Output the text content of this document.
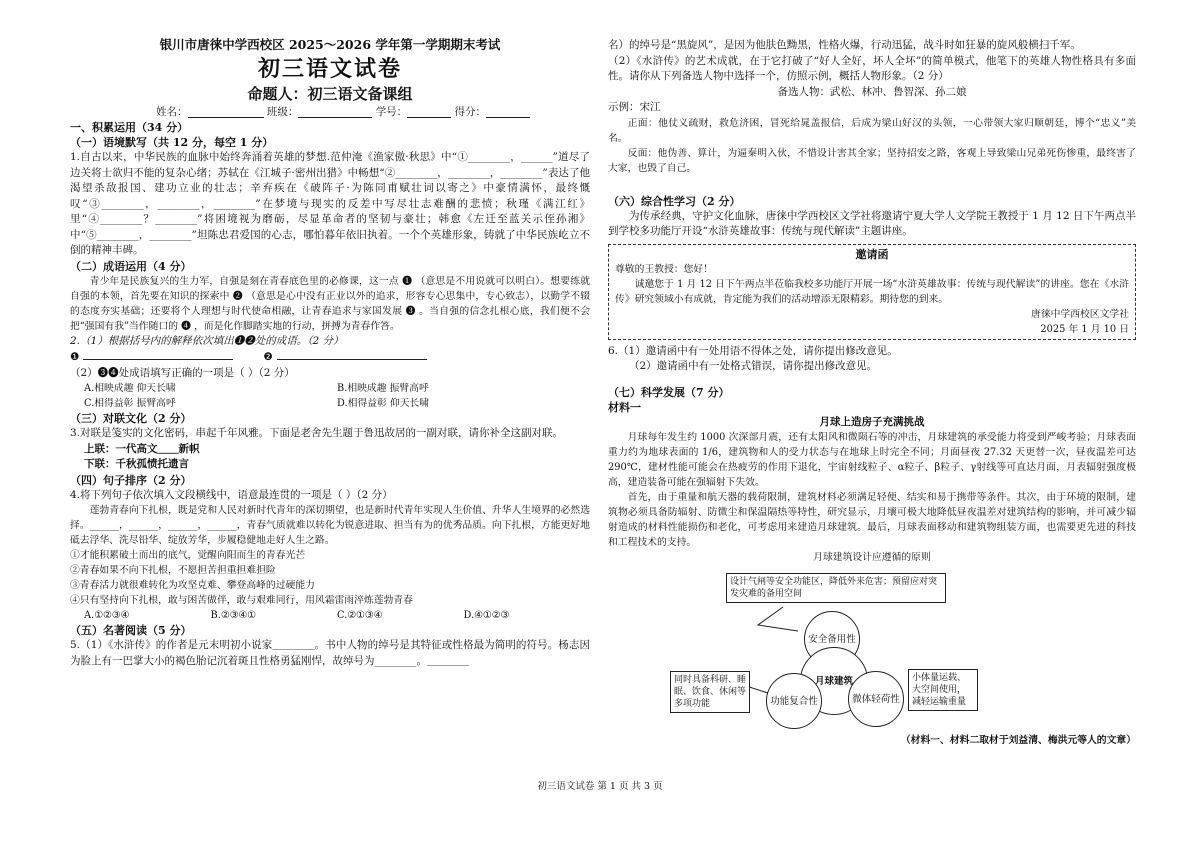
银川市唐徕中学西校区 2025～2026 学年第一学期期末考试

初三语文试卷

命题人：初三语文备课组

姓名：	班级：	学号：	得分：

一、积累运用（34 分）

（一）语境默写（共 12 分，每空 1 分）

1.自古以来，中华民族的血脉中始终奔涌着英雄的梦想.范仲淹《渔家傲·秋思》中“①________，______”道尽了边关将士欲归不能的复杂心绪；苏轼在《江城子·密州出猎》中畅想“②________，________，________”表达了他渴望杀敌报国、建功立业的壮志；辛弃疾在《破阵子·为陈同甫赋壮词以寄之》中豪情满怀，最终慨叹“③________，________，________”在梦境与现实的反差中写尽壮志难酬的悲愤；秋瑾《满江红》里“④________？________”将困境视为磨砺，尽显革命者的坚韧与豪壮；韩愈《左迁至蓝关示侄孙湘》中“⑤________，________”坦陈忠君爱国的心志，哪怕暮年依旧执着。一个个英雄形象，铸就了中华民族屹立不倒的精神丰碑。

（二）成语运用（4 分）

青少年是民族复兴的生力军，自强是刻在青春底色里的必修课，这一点 ❶ （意思是不用说就可以明白）。想要练就自强的本领，首先要在知识的探索中 ❷ （意思是心中没有正业以外的追求，形容专心思集中，专心致志），以勤学不辍的态度夯实基础；还要将个人理想与时代使命相融，让青春追求与家国发展 ❸ 。当自强的信念扎根心底，我们便不会把“强国有我”当作随口的 ❹ ，而是化作脚踏实地的行动，拼搏为青春作答。

2.（1）根据括号内的解释依次填出❶❷处的成语。（2 分）

❶	❷

（2）❸❹处成语填写正确的一项是（ ）（2 分）

A.相映成趣 仰天长啸	B.相映成趣 振臂高呼
C.相得益彰 振臂高呼	D.相得益彰 仰天长啸

（三）对联文化（2 分）

3.对联是笺实的文化密码，串起千年风雅。下面是老舍先生题于鲁迅故居的一副对联，请你补全这副对联。

上联：一代高文＿＿新帜

下联：千秋孤愤托遗言

（四）句子排序（2 分）

4.将下列句子依次填入文段横线中，语意最连贯的一项是（ ）（2 分）

莲勃青春向下扎根，既是党和人民对新时代青年的深切期望，也是新时代青年实现人生价值、升华人生境界的必然选择。______，______，______，______，青春气质就难以转化为锐意进取、担当有为的优秀品质。向下扎根，方能更好地砥去浮华、洗尽铅华、绽放芳华，步履稳健地走好人生之路。

①才能积累破土而出的底气，觉醒向阳而生的青春光芒

②青春如果不向下扎根，不愿担苦担重担难担险

③青春活力就很难转化为攻坚克难、攀登高峰的过硬能力

④只有坚持向下扎根，敢与困苦做伴，敢与艰难同行，用风霜雷雨淬炼莲勃青春

A.①②③④	B.②③④①	C.②①③④	D.④①②③

（五）名著阅读（5 分）

5.（1）《水浒传》的作者是元末明初小说家＿＿＿＿。书中人物的绰号是其特征或性格最为简明的符号。杨志因为脸上有一巴掌大小的褐色胎记沉着斑且性格勇猛刚悍，故绰号为________。＿＿＿＿

名）的绰号是“黑旋风”，是因为他肤色黝黑，性格火爆，行动迅猛，战斗时如狂暴的旋风般横扫千军。

（2）《水浒传》的艺术成就，在于它打破了“好人全好，坏人全坏”的简单模式，他笔下的英雄人物性格具有多面性。请你从下列备选人物中选择一个，仿照示例，概括人物形象。（2 分）

备选人物：武松、林冲、鲁智深、孙二娘

示例：宋江

正面：他仗义疏财，救危济困，冒死给晁盖报信，后成为梁山好汉的头领，一心带领大家归顺朝廷，博个“忠义”美名。

反面：他伪善、算计，为逼秦明入伙，不惜设计害其全家；坚持招安之路，客观上导致梁山兄弟死伤惨重，最终害了大家，也毁了自己。

（六）综合性学习（2 分）

为传承经典，守护文化血脉，唐徕中学西校区文学社将邀请宁夏大学人文学院王教授于 1 月 12 日下午两点半到学校多功能厅开设“水浒英雄故事：传统与现代解读”主题讲座。

邀请函

尊敬的王教授：您好！

诚邀您于 1 月 12 日下午两点半莅临我校多功能厅开展一场“水浒英雄故事：传统与现代解读”的讲座。您在《水浒传》研究领域小有成就，肯定能为我们的活动增添无限精彩。期待您的到来。

唐徕中学西校区文学社

2025 年 1 月 10 日

6.（1）邀请函中有一处用语不得体之处，请你提出修改意见。

（2）邀请函中有一处格式错误，请你提出修改意见。

（七）科学发展（7 分）

材料一

月球上造房子充满挑战

月球每年发生约 1000 次深部月震，还有太阳风和微陨石等的冲击，月球建筑的承受能力将受到严峻考验；月球表面重力约为地球表面的 1/6，建筑物和人的受力状态与在地球上时完全不同；月面昼夜 27.32 天更替一次，昼夜温差可达 290℃，建材性能可能会在热疲劳的作用下退化，宇宙射线粒子、α粒子、β粒子、γ射线等可直达月面，月表辐射强度极高，建造装备可能在强辐射下失效。

首先，由于重量和航天器的载荷限制，建筑材料必须满足轻便、结实和易于携带等条件。其次，由于环境的限制，建筑物必须具备防辐射、防微尘和保温隔热等特性，研究显示，月壤可极大地降低昼夜温差对建筑结构的影响，并可减少辐射造成的材料性能损伤和老化，可考虑用来建造月球建筑。最后，月球表面移动和建筑物组装方面，也需要更先进的科技和工程技术的支持。

月球建筑设计应遵循的原则

设计气闸等安全功能区，降低外来危害；预留应对突发灾难的备用空间
安全备用性
月球建筑
功能复合性	微体轻荷性
同时具备科研、睡眠、饮食、休闲等多项功能
小体量运载、大空间使用，减轻运输重量

（材料一、材料二取材于刘益清、梅洪元等人的文章）

初三语文试卷 第 1 页 共 3 页
